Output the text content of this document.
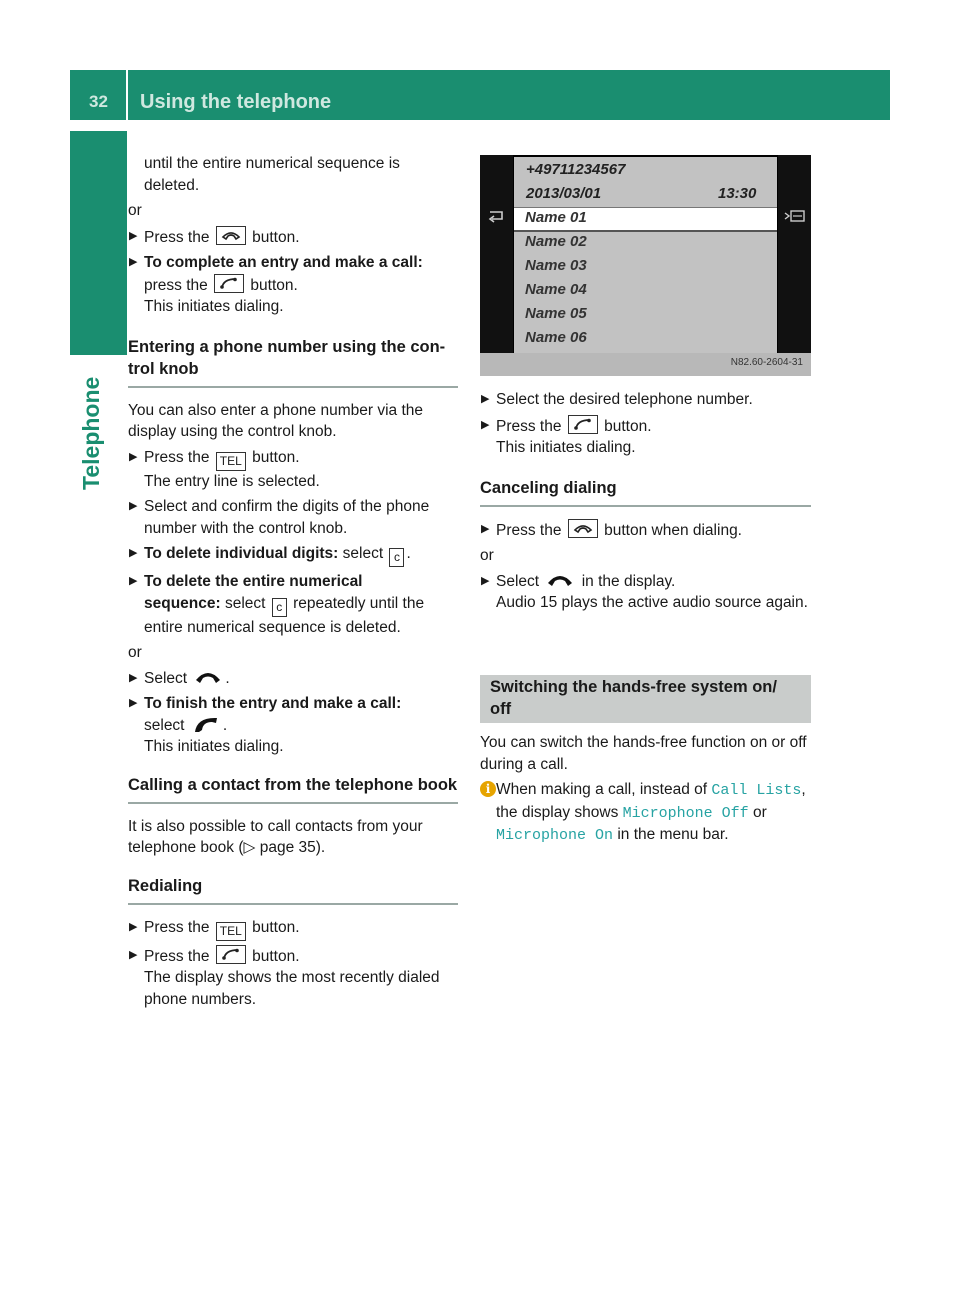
32	Using the telephone
Telephone
until the entire numerical sequence is
deleted.
or
▶ Press the	button.
▶ To complete an entry and make a call:
press the	button.
This initiates dialing.
Entering a phone number using the con-trol knob
You can also enter a phone number via the display using the control knob.
▶ Press the TEL button.
The entry line is selected.
▶ Select and confirm the digits of the phone number with the control knob.
▶ To delete individual digits: select c .
▶ To delete the entire numerical
sequence: select c repeatedly until the
entire numerical sequence is deleted.
or
▶ Select .
▶ To finish the entry and make a call:
select .
This initiates dialing.
Calling a contact from the telephone book
It is also possible to call contacts from your telephone book (▷ page 35).
Redialing
▶ Press the TEL button.
▶ Press the	button.
The display shows the most recently dialed phone numbers.
+49711234567
2013/03/01	13:30
Name 01
Name 02
Name 03
Name 04
Name 05
Name 06
N82.60-2604-31
▶ Select the desired telephone number.
▶ Press the	button.
This initiates dialing.
Canceling dialing
▶ Press the	button when dialing.
or
▶ Select	in the display.
Audio 15 plays the active audio source again.
Switching the hands-free system on/ off
You can switch the hands-free function on or off during a call.
i When making a call, instead of Call Lists, the display shows Microphone Off or Microphone On in the menu bar.
